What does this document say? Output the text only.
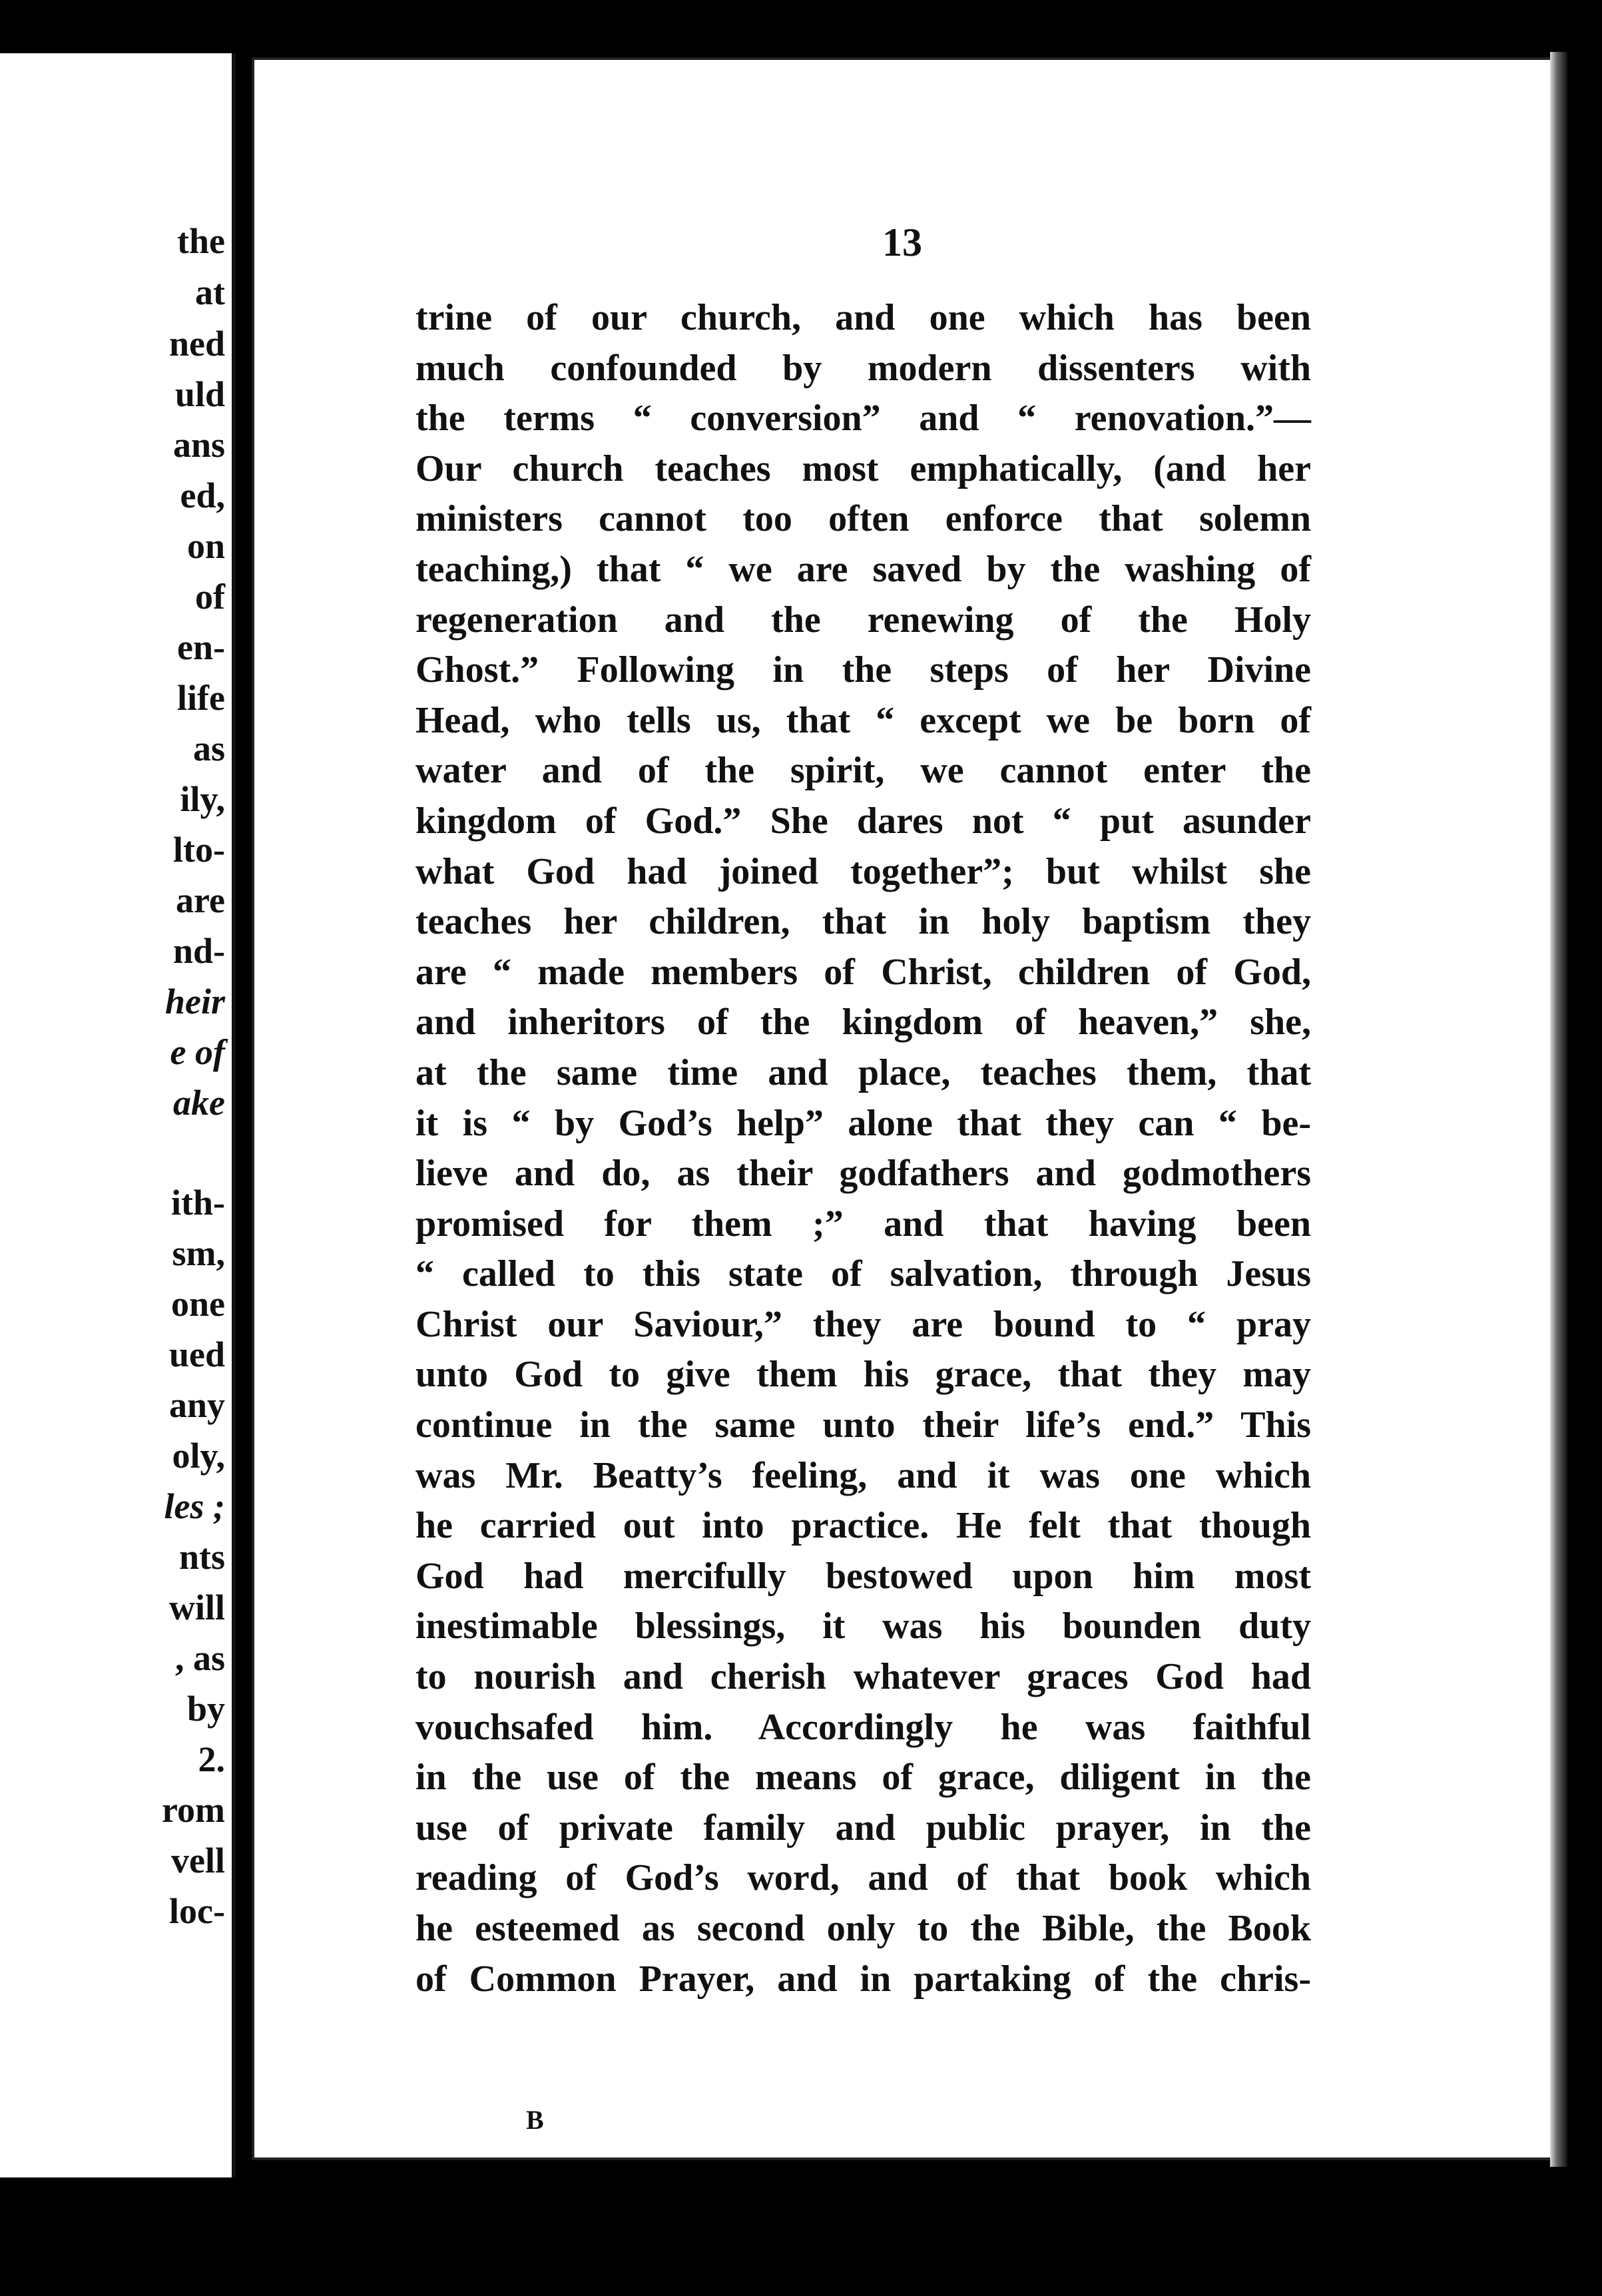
the
at
ned
uld
ans
ed,
on
of
en-
life
as
ily,
lto-
are
nd-
heir
e of
ake
ith-
sm,
one
ued
any
oly,
les ;
nts
will
, as
by
2.
rom
vell
loc-
13
trine of our church, and one which has been
much confounded by modern dissenters with
the terms “ conversion” and “ renovation.”—
Our church teaches most emphatically, (and her
ministers cannot too often enforce that solemn
teaching,) that “ we are saved by the washing of
regeneration and the renewing of the Holy
Ghost.” Following in the steps of her Divine
Head, who tells us, that “ except we be born of
water and of the spirit, we cannot enter the
kingdom of God.” She dares not “ put asunder
what God had joined together”; but whilst she
teaches her children, that in holy baptism they
are “ made members of Christ, children of God,
and inheritors of the kingdom of heaven,” she,
at the same time and place, teaches them, that
it is “ by God’s help” alone that they can “ be-
lieve and do, as their godfathers and godmothers
promised for them ;” and that having been
“ called to this state of salvation, through Jesus
Christ our Saviour,” they are bound to “ pray
unto God to give them his grace, that they may
continue in the same unto their life’s end.” This
was Mr. Beatty’s feeling, and it was one which
he carried out into practice. He felt that though
God had mercifully bestowed upon him most
inestimable blessings, it was his bounden duty
to nourish and cherish whatever graces God had
vouchsafed him. Accordingly he was faithful
in the use of the means of grace, diligent in the
use of private family and public prayer, in the
reading of God’s word, and of that book which
he esteemed as second only to the Bible, the Book
of Common Prayer, and in partaking of the chris-
B
